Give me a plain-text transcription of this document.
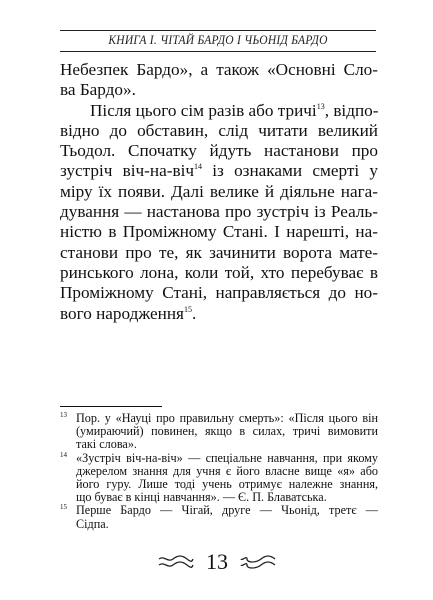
КНИГА І. ЧІТАЙ БАРДО І ЧЬОНІД БАРДО
Небезпек Бардо», а також «Основні Сло-
ва Бардо».
Після цього сім разів або тричі$^{13}$, відпо-
відно до обставин, слід читати великий
Тьодол. Спочатку йдуть настанови про
зустріч віч-на-віч$^{14}$ із ознаками смерті у
міру їх появи. Далі велике й діяльне нага-
дування — настанова про зустріч із Реаль-
ністю в Проміжному Стані. І нарешті, на-
станови про те, як зачинити ворота мате-
ринського лона, коли той, хто перебуває в
Проміжному Стані, направляється до но-
вого народження$^{15}$.
13 Пор. у «Науці про правильну смерть»: «Після цього він
(умираючий) повинен, якщо в силах, тричі вимовити
такі слова».
14 «Зустріч віч-на-віч» — спеціальне навчання, при якому
джерелом знання для учня є його власне вище «я» або
його гуру. Лише тоді учень отримує належне знання,
що буває в кінці навчання». — Є. П. Блаватська.
15 Перше Бардо — Чігай, друге — Чьонід, третє —
Сідпа.
13
